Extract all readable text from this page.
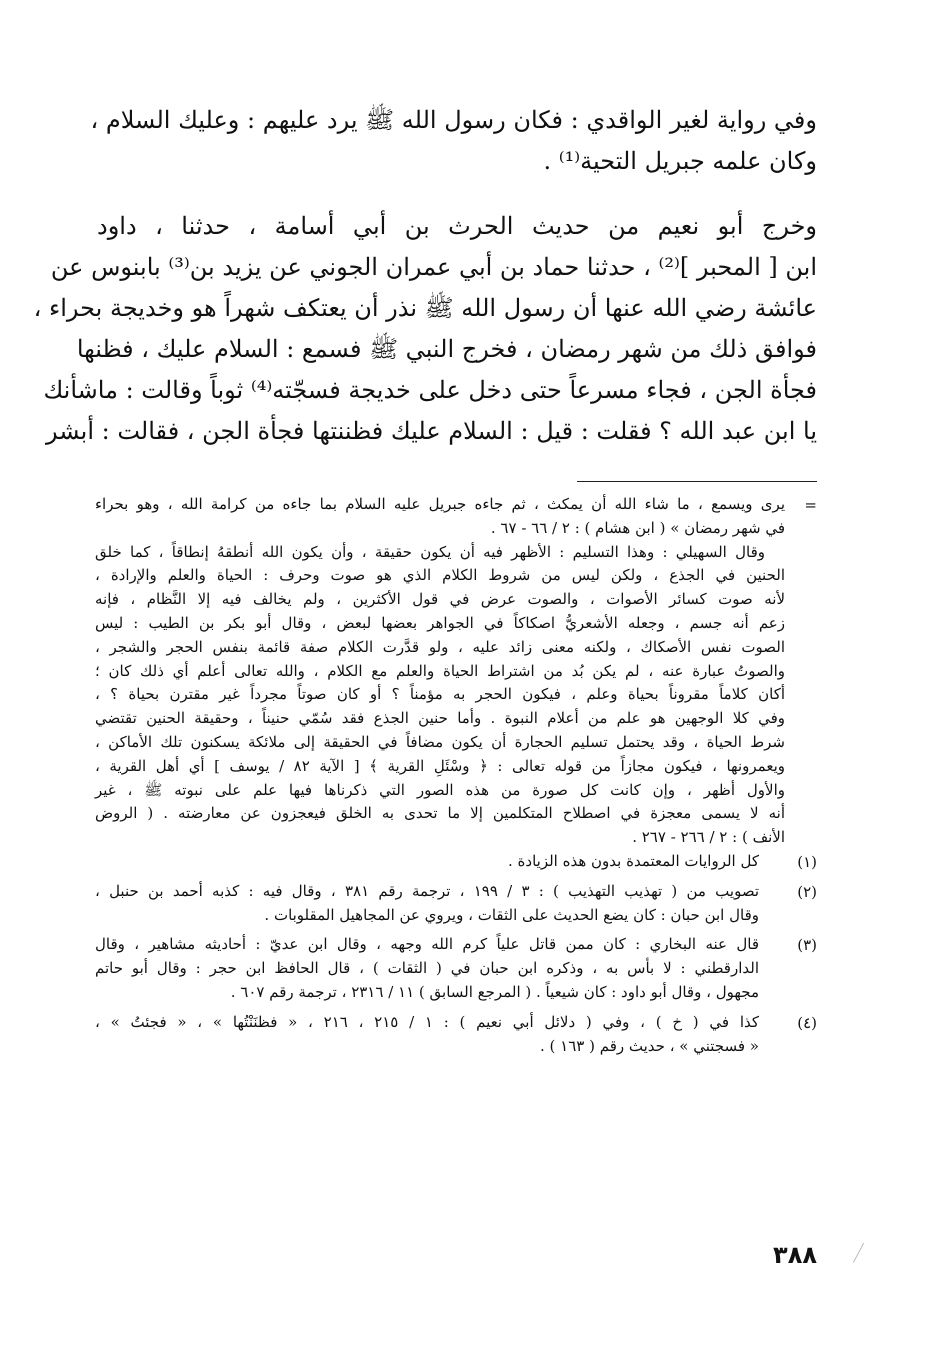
وفي رواية لغير الواقدي : فكان رسول الله ﷺ يرد عليهم : وعليك السلام ،
وكان علمه جبريل التحية⁽¹⁾ .

وخرج أبو نعيم من حديث الحرث بن أبي أسامة ، حدثنا ، داود
ابن [ المحبر ]⁽²⁾ ، حدثنا حماد بن أبي عمران الجوني عن يزيد بن⁽³⁾ بابنوس عن
عائشة رضي الله عنها أن رسول الله ﷺ نذر أن يعتكف شهراً هو وخديجة بحراء ،
فوافق ذلك من شهر رمضان ، فخرج النبي ﷺ فسمع : السلام عليك ، فظنها
فجأة الجن ، فجاء مسرعاً حتى دخل على خديجة فسجّته⁽⁴⁾ ثوباً وقالت : ماشأنك
يا ابن عبد الله ؟ فقلت : قيل : السلام عليك فظننتها فجأة الجن ، فقالت : أبشر

=
يرى ويسمع ، ما شاء الله أن يمكث ، ثم جاءه جبريل عليه السلام بما جاءه من كرامة الله ، وهو بحراء
في شهر رمضان » ( ابن هشام ) : ٢ / ٦٦ - ٦٧ .
وقال السهيلي : وهذا التسليم : الأظهر فيه أن يكون حقيقة ، وأن يكون الله أنطقهُ إنطاقاً ، كما خلق
الحنين في الجذع ، ولكن ليس من شروط الكلام الذي هو صوت وحرف : الحياة والعلم والإرادة ،
لأنه صوت كسائر الأصوات ، والصوت عرض في قول الأكثرين ، ولم يخالف فيه إلا النَّظام ، فإنه
زعم أنه جسم ، وجعله الأشعريُّ اصكاكاً في الجواهر بعضها لبعض ، وقال أبو بكر بن الطيب : ليس
الصوت نفس الأصكاك ، ولكنه معنى زائد عليه ، ولو قدَّرت الكلام صفة قائمة بنفس الحجر والشجر ،
والصوتُ عبارة عنه ، لم يكن بُد من اشتراط الحياة والعلم مع الكلام ، والله تعالى أعلم أي ذلك كان ؛
أكان كلاماً مقروناً بحياة وعلم ، فيكون الحجر به مؤمناً ؟ أو كان صوتاً مجرداً غير مقترن بحياة ؟ ،
وفي كلا الوجهين هو علم من أعلام النبوة . وأما حنين الجذع فقد سُمّي حنيناً ، وحقيقة الحنين تقتضي
شرط الحياة ، وقد يحتمل تسليم الحجارة أن يكون مضافاً في الحقيقة إلى ملائكة يسكنون تلك الأماكن ،
ويعمرونها ، فيكون مجازاً من قوله تعالى : ﴿ وسْئَلِ القرية ﴾ [ الآية ٨٢ / يوسف ] أي أهل القرية ،
والأول أظهر ، وإن كانت كل صورة من هذه الصور التي ذكرناها فيها علم على نبوته ﷺ ، غير
أنه لا يسمى معجزة في اصطلاح المتكلمين إلا ما تحدى به الخلق فيعجزون عن معارضته . ( الروض
الأنف ) : ٢ / ٢٦٦ - ٢٦٧ .
(١)
كل الروايات المعتمدة بدون هذه الزيادة .
(٢)
تصويب من ( تهذيب التهذيب ) : ٣ / ١٩٩ ، ترجمة رقم ٣٨١ ، وقال فيه : كذبه أحمد بن حنبل ،
وقال ابن حبان : كان يضع الحديث على الثقات ، ويروي عن المجاهيل المقلوبات .
(٣)
قال عنه البخاري : كان ممن قاتل علياً كرم الله وجهه ، وقال ابن عديّ : أحاديثه مشاهير ، وقال
الدارقطني : لا بأس به ، وذكره ابن حبان في ( الثقات ) ، قال الحافظ ابن حجر : وقال أبو حاتم
مجهول ، وقال أبو داود : كان شيعياً . ( المرجع السابق ) ١١ / ٢٣١٦ ، ترجمة رقم ٦٠٧ .
(٤)
كذا في ( خ ) ، وفي ( دلائل أبي نعيم ) : ١ / ٢١٥ ، ٢١٦ ، « فظنَنْتُها » ، « فجئتُ » ،
« فسجتني » ، حديث رقم ( ١٦٣ ) .
٣٨٨
